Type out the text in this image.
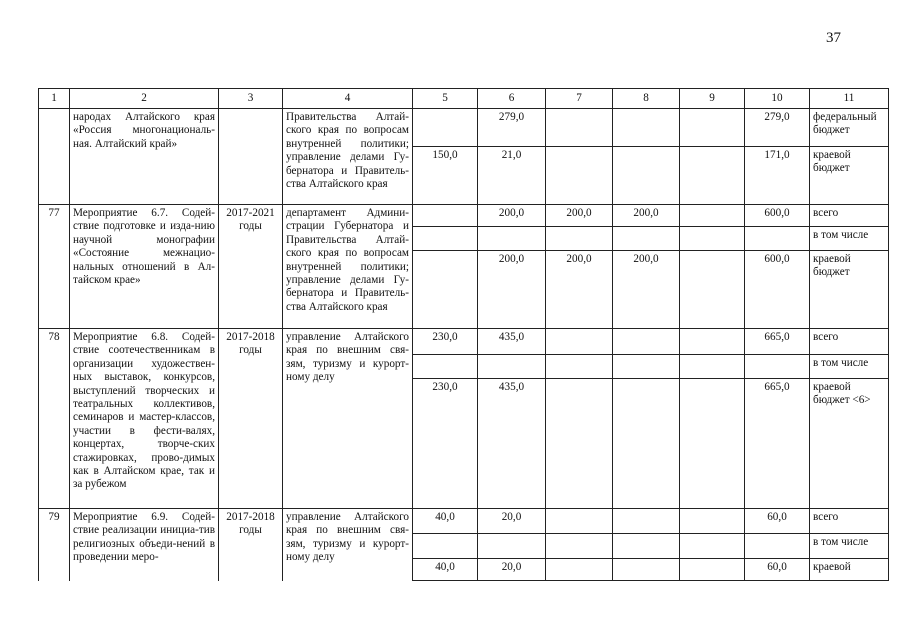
37
1	2	3	4	5	6	7	8	9	10	11
	народах Алтайского края «Россия многонациональ-ная. Алтайский край»		Правительства Алтай-ского края по вопросам внутренней политики; управление делами Гу-бернатора и Правитель-ства Алтайского края		279,0				279,0	федеральный бюджет
				150,0	21,0				171,0	краевой бюджет
77	Мероприятие 6.7. Содей-ствие подготовке и изда-нию научной монографии «Состояние межнацио-нальных отношений в Ал-тайском крае»	2017-2021 годы	департамент Админи-страции Губернатора и Правительства Алтай-ского края по вопросам внутренней политики; управление делами Гу-бернатора и Правитель-ства Алтайского края		200,0	200,0	200,0		600,0	всего
										в том числе
					200,0	200,0	200,0		600,0	краевой бюджет
78	Мероприятие 6.8. Содей-ствие соотечественникам в организации художествен-ных выставок, конкурсов, выступлений творческих и театральных коллективов, семинаров и мастер-классов, участии в фести-валях, концертах, творче-ских стажировках, прово-димых как в Алтайском крае, так и за рубежом	2017-2018 годы	управление Алтайского края по внешним свя-зям, туризму и курорт-ному делу	230,0	435,0				665,0	всего
										в том числе
				230,0	435,0				665,0	краевой бюджет <6>
79	Мероприятие 6.9. Содей-ствие реализации инициа-тив религиозных объеди-нений в проведении меро-	2017-2018 годы	управление Алтайского края по внешним свя-зям, туризму и курорт-ному делу	40,0	20,0				60,0	всего
										в том числе
				40,0	20,0				60,0	краевой
